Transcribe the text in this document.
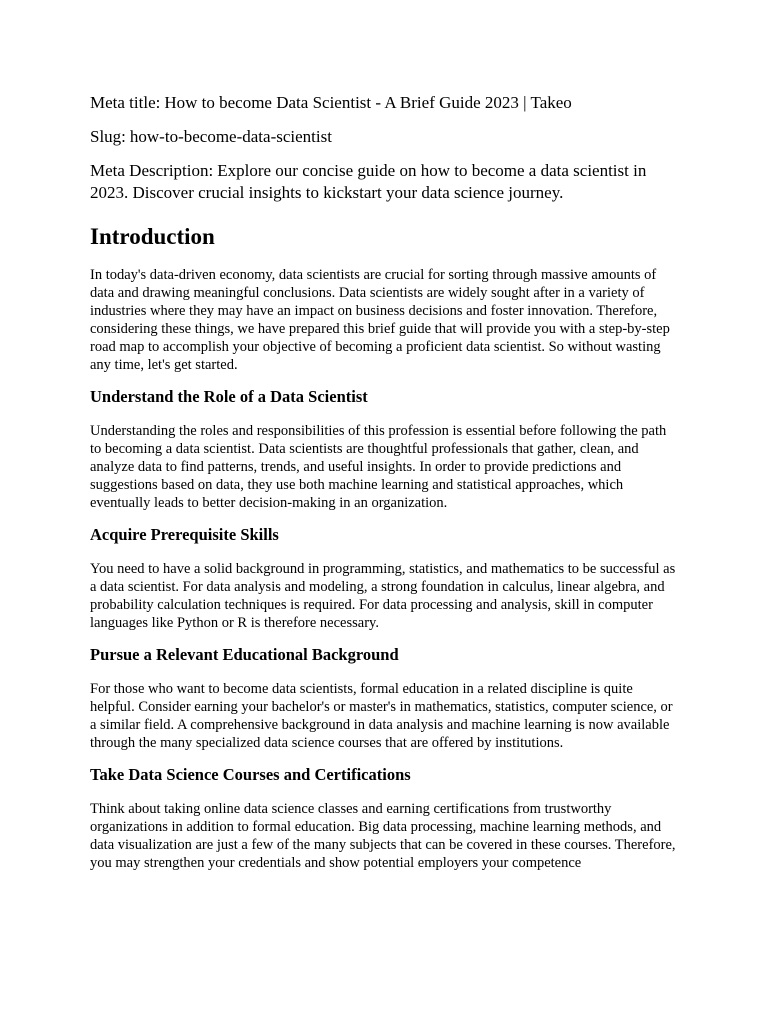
Meta title: How to become Data Scientist - A Brief Guide 2023 | Takeo
Slug: how-to-become-data-scientist
Meta Description: Explore our concise guide on how to become a data scientist in 2023. Discover crucial insights to kickstart your data science journey.
Introduction

In today's data-driven economy, data scientists are crucial for sorting through massive amounts of data and drawing meaningful conclusions. Data scientists are widely sought after in a variety of industries where they may have an impact on business decisions and foster innovation. Therefore, considering these things, we have prepared this brief guide that will provide you with a step-by-step road map to accomplish your objective of becoming a proficient data scientist. So without wasting any time, let's get started.

Understand the Role of a Data Scientist

Understanding the roles and responsibilities of this profession is essential before following the path to becoming a data scientist. Data scientists are thoughtful professionals that gather, clean, and analyze data to find patterns, trends, and useful insights. In order to provide predictions and suggestions based on data, they use both machine learning and statistical approaches, which eventually leads to better decision-making in an organization.

Acquire Prerequisite Skills

You need to have a solid background in programming, statistics, and mathematics to be successful as a data scientist. For data analysis and modeling, a strong foundation in calculus, linear algebra, and probability calculation techniques is required. For data processing and analysis, skill in computer languages like Python or R is therefore necessary.

Pursue a Relevant Educational Background

For those who want to become data scientists, formal education in a related discipline is quite helpful. Consider earning your bachelor's or master's in mathematics, statistics, computer science, or a similar field. A comprehensive background in data analysis and machine learning is now available through the many specialized data science courses that are offered by institutions.

Take Data Science Courses and Certifications

Think about taking online data science classes and earning certifications from trustworthy organizations in addition to formal education. Big data processing, machine learning methods, and data visualization are just a few of the many subjects that can be covered in these courses. Therefore, you may strengthen your credentials and show potential employers your competence
